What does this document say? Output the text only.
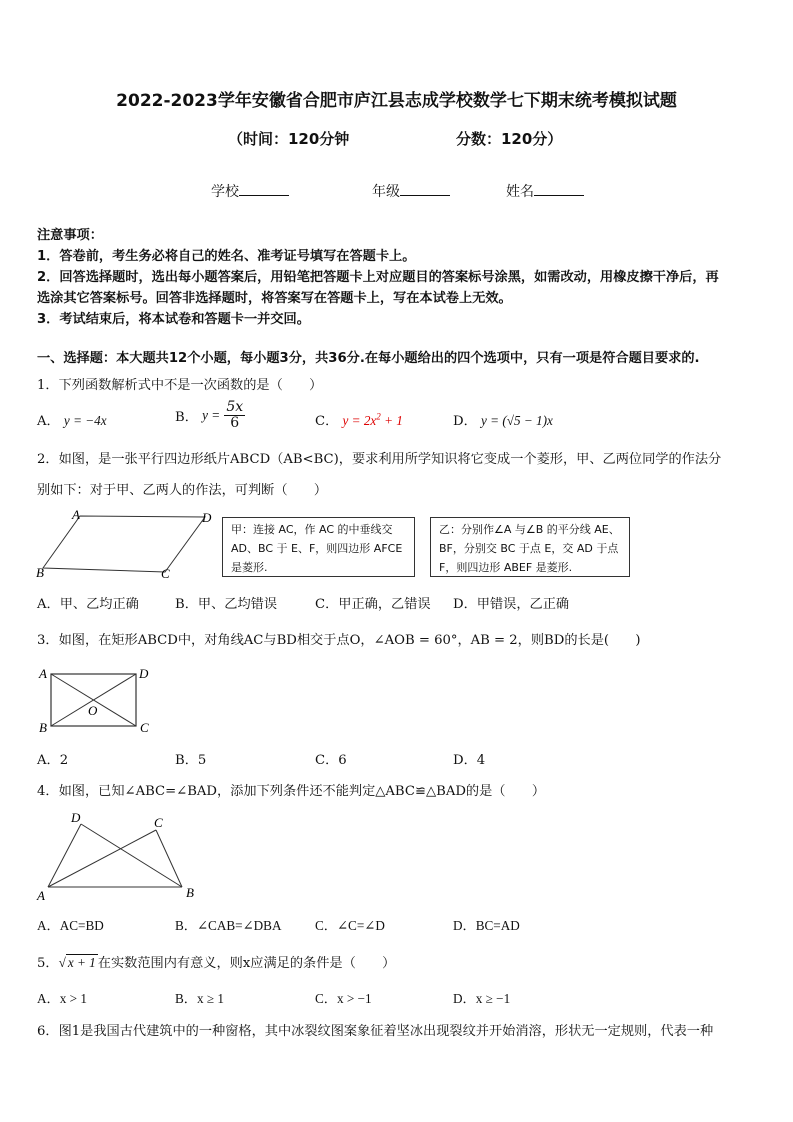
2022-2023学年安徽省合肥市庐江县志成学校数学七下期末统考模拟试题
（时间：120分钟	分数：120分）
学校	年级	姓名
注意事项：
1．答卷前，考生务必将自己的姓名、准考证号填写在答题卡上。
2．回答选择题时，选出每小题答案后，用铅笔把答题卡上对应题目的答案标号涂黑，如需改动，用橡皮擦干净后，再
选涂其它答案标号。回答非选择题时，将答案写在答题卡上，写在本试卷上无效。
3．考试结束后，将本试卷和答题卡一并交回。
一、选择题：本大题共12个小题，每小题3分，共36分.在每小题给出的四个选项中，只有一项是符合题目要求的.
1．下列函数解析式中不是一次函数的是（　　）
A． y = −4x	B． $y = \frac{5x}{6}$	C． $y = 2x^2 + 1$	D． y = (√5 − 1)x
2．如图，是一张平行四边形纸片ABCD（AB<BC)，要求利用所学知识将它变成一个菱形，甲、乙两位同学的作法分
别如下：对于甲、乙两人的作法，可判断（　　）
A	D
B	C
甲：连接 AC，作 AC 的中垂线交 AD、BC 于 E、F，则四边形 AFCE 是菱形.
乙：分别作∠A 与∠B 的平分线 AE、BF，分别交 BC 于点 E，交 AD 于点 F，则四边形 ABEF 是菱形.
A．甲、乙均正确	B．甲、乙均错误	C．甲正确，乙错误 D．甲错误，乙正确
3．如图，在矩形ABCD中，对角线AC与BD相交于点O，∠AOB = 60°，AB = 2，则BD的长是(　　)
A	D
B	C
O
A．2	B．5	C．6	D．4
4．如图，已知∠ABC=∠BAD，添加下列条件还不能判定△ABC≌△BAD的是（　　）
D	C
A	B
A．AC=BD	B．∠CAB=∠DBA	C．∠C=∠D	D．BC=AD
5．√ x + 1 在实数范围内有意义，则x应满足的条件是（　　）
A．x > 1	B．x ≥ 1	C．x > −1	D．x ≥ −1
6．图1是我国古代建筑中的一种窗格，其中冰裂纹图案象征着坚冰出现裂纹并开始消溶，形状无一定规则，代表一种
